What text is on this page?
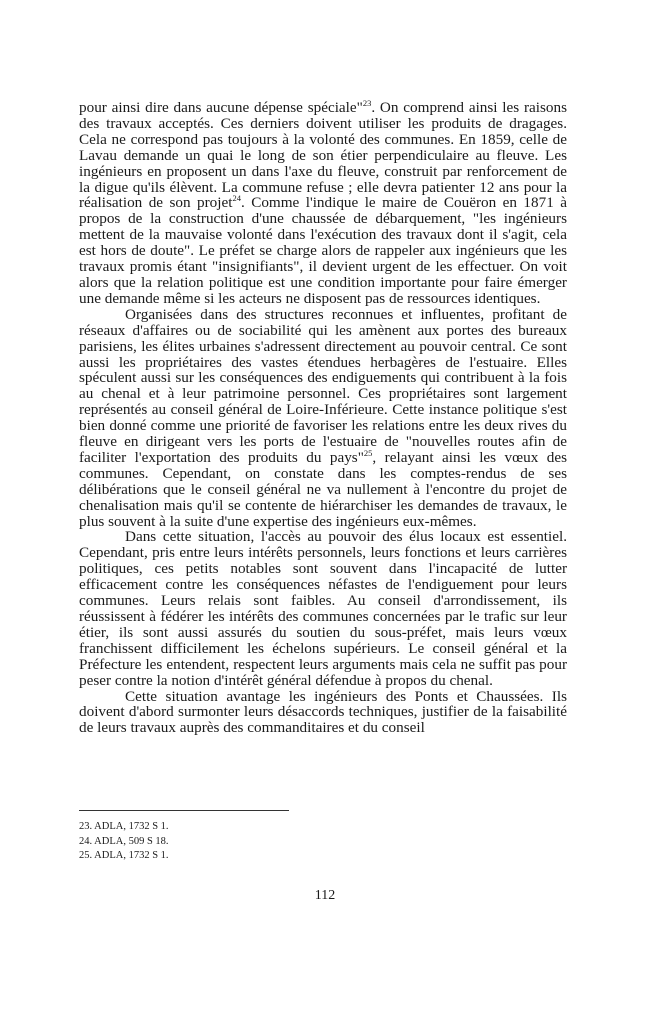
pour ainsi dire dans aucune dépense spéciale"$^{23}$. On comprend ainsi les raisons des travaux acceptés. Ces derniers doivent utiliser les produits de dragages. Cela ne correspond pas toujours à la volonté des communes. En 1859, celle de Lavau demande un quai le long de son étier perpendiculaire au fleuve. Les ingénieurs en proposent un dans l'axe du fleuve, construit par renforcement de la digue qu'ils élèvent. La commune refuse ; elle devra patienter 12 ans pour la réalisation de son projet$^{24}$. Comme l'indique le maire de Couëron en 1871 à propos de la construction d'une chaussée de débarquement, "les ingénieurs mettent de la mauvaise volonté dans l'exécution des travaux dont il s'agit, cela est hors de doute". Le préfet se charge alors de rappeler aux ingénieurs que les travaux promis étant "insignifiants", il devient urgent de les effectuer. On voit alors que la relation politique est une condition importante pour faire émerger une demande même si les acteurs ne disposent pas de ressources identiques.

Organisées dans des structures reconnues et influentes, profitant de réseaux d'affaires ou de sociabilité qui les amènent aux portes des bureaux parisiens, les élites urbaines s'adressent directement au pouvoir central. Ce sont aussi les propriétaires des vastes étendues herbagères de l'estuaire. Elles spéculent aussi sur les conséquences des endiguements qui contribuent à la fois au chenal et à leur patrimoine personnel. Ces propriétaires sont largement représentés au conseil général de Loire-Inférieure. Cette instance politique s'est bien donné comme une priorité de favoriser les relations entre les deux rives du fleuve en dirigeant vers les ports de l'estuaire de "nouvelles routes afin de faciliter l'exportation des produits du pays"$^{25}$, relayant ainsi les vœux des communes. Cependant, on constate dans les comptes-rendus de ses délibérations que le conseil général ne va nullement à l'encontre du projet de chenalisation mais qu'il se contente de hiérarchiser les demandes de travaux, le plus souvent à la suite d'une expertise des ingénieurs eux-mêmes.

Dans cette situation, l'accès au pouvoir des élus locaux est essentiel. Cependant, pris entre leurs intérêts personnels, leurs fonctions et leurs carrières politiques, ces petits notables sont souvent dans l'incapacité de lutter efficacement contre les conséquences néfastes de l'endiguement pour leurs communes. Leurs relais sont faibles. Au conseil d'arrondissement, ils réussissent à fédérer les intérêts des communes concernées par le trafic sur leur étier, ils sont aussi assurés du soutien du sous-préfet, mais leurs vœux franchissent difficilement les échelons supérieurs. Le conseil général et la Préfecture les entendent, respectent leurs arguments mais cela ne suffit pas pour peser contre la notion d'intérêt général défendue à propos du chenal.

Cette situation avantage les ingénieurs des Ponts et Chaussées. Ils doivent d'abord surmonter leurs désaccords techniques, justifier de la faisabilité de leurs travaux auprès des commanditaires et du conseil

23. ADLA, 1732 S 1.

24. ADLA, 509 S 18.

25. ADLA, 1732 S 1.

112
